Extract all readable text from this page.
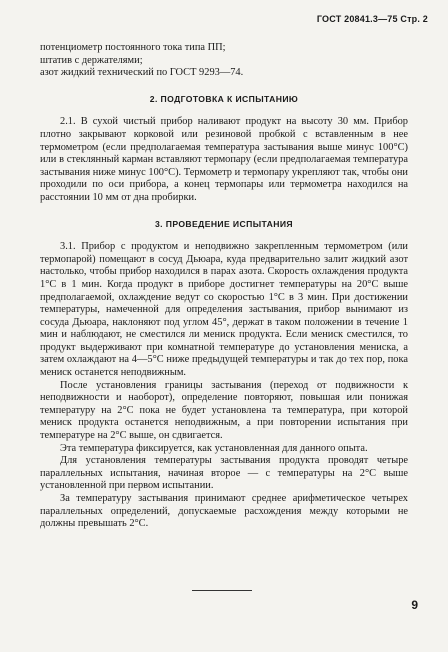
ГОСТ 20841.3—75 Стр. 2

потенциометр постоянного тока типа ПП;

штатив с держателями;

азот жидкий технический по ГОСТ 9293—74.

2. ПОДГОТОВКА К ИСПЫТАНИЮ

2.1. В сухой чистый прибор наливают продукт на высоту 30 мм. Прибор плотно закрывают корковой или резиновой пробкой с вставленным в нее термометром (если предполагаемая температура застывания выше минус 100°С) или в стеклянный карман вставляют термопару (если предполагаемая температура застывания ниже минус 100°С). Термометр и термопару укрепляют так, чтобы они проходили по оси прибора, а конец термопары или термометра находился на расстоянии 10 мм от дна пробирки.

3. ПРОВЕДЕНИЕ ИСПЫТАНИЯ

3.1. Прибор с продуктом и неподвижно закрепленным термометром (или термопарой) помещают в сосуд Дьюара, куда предварительно залит жидкий азот настолько, чтобы прибор находился в парах азота. Скорость охлаждения продукта 1°С в 1 мин. Когда продукт в приборе достигнет температуры на 20°С выше предполагаемой, охлаждение ведут со скоростью 1°С в 3 мин. При достижении температуры, намеченной для определения застывания, прибор вынимают из сосуда Дьюара, наклоняют под углом 45°, держат в таком положении в течение 1 мин и наблюдают, не сместился ли мениск продукта. Если мениск сместился, то продукт выдерживают при комнатной температуре до установления мениска, а затем охлаждают на 4—5°С ниже предыдущей температуры и так до тех пор, пока мениск останется неподвижным.

После установления границы застывания (переход от подвижности к неподвижности и наоборот), определение повторяют, повышая или понижая температуру на 2°С пока не будет установлена та температура, при которой мениск продукта останется неподвижным, а при повторении испытания при температуре на 2°С выше, он сдвигается.

Эта температура фиксируется, как установленная для данного опыта.

Для установления температуры застывания продукта проводят четыре параллельных испытания, начиная второе — с температуры на 2°С выше установленной при первом испытании.

За температуру застывания принимают среднее арифметическое четырех параллельных определений, допускаемые расхождения между которыми не должны превышать 2°С.

9
